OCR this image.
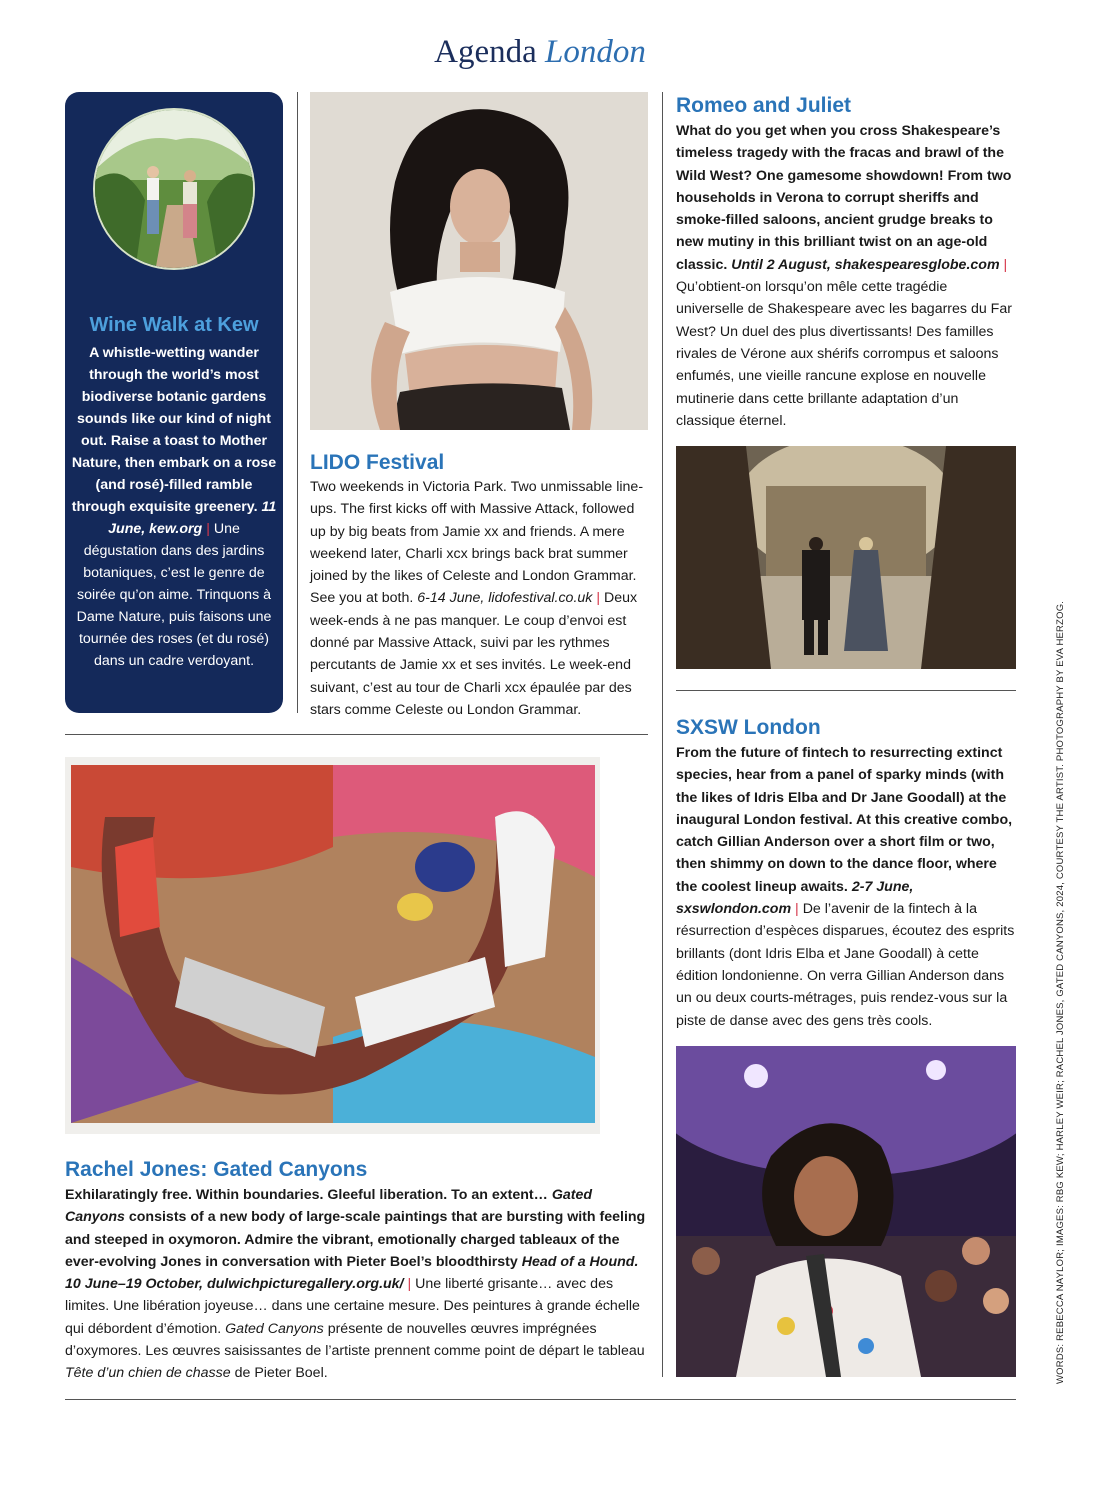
Agenda London
Wine Walk at Kew
A whistle-wetting wander through the world’s most biodiverse botanic gardens sounds like our kind of night out. Raise a toast to Mother Nature, then embark on a rose (and rosé)-filled ramble through exquisite greenery. 11 June, kew.org | Une dégustation dans des jardins botaniques, c’est le genre de soirée qu’on aime. Trinquons à Dame Nature, puis faisons une tournée des roses (et du rosé) dans un cadre verdoyant.
LIDO Festival
Two weekends in Victoria Park. Two unmissable line-ups. The first kicks off with Massive Attack, followed up by big beats from Jamie xx and friends. A mere weekend later, Charli xcx brings back brat summer joined by the likes of Celeste and London Grammar. See you at both. 6-14 June, lidofestival.co.uk | Deux week-ends à ne pas manquer. Le coup d’envoi est donné par Massive Attack, suivi par les rythmes percutants de Jamie xx et ses invités. Le week-end suivant, c’est au tour de Charli xcx épaulée par des stars comme Celeste ou London Grammar.
Romeo and Juliet
What do you get when you cross Shakespeare’s timeless tragedy with the fracas and brawl of the Wild West? One gamesome showdown! From two households in Verona to corrupt sheriffs and smoke-filled saloons, ancient grudge breaks to new mutiny in this brilliant twist on an age-old classic. Until 2 August, shakespearesglobe.com | Qu’obtient-on lorsqu’on mêle cette tragédie universelle de Shakespeare avec les bagarres du Far West? Un duel des plus divertissants! Des familles rivales de Vérone aux shérifs corrompus et saloons enfumés, une vieille rancune explose en nouvelle mutinerie dans cette brillante adaptation d’un classique éternel.
SXSW London
From the future of fintech to resurrecting extinct species, hear from a panel of sparky minds (with the likes of Idris Elba and Dr Jane Goodall) at the inaugural London festival. At this creative combo, catch Gillian Anderson over a short film or two, then shimmy on down to the dance floor, where the coolest lineup awaits. 2-7 June, sxswlondon.com | De l’avenir de la fintech à la résurrection d’espèces disparues, écoutez des esprits brillants (dont Idris Elba et Jane Goodall) à cette édition londonienne. On verra Gillian Anderson dans un ou deux courts-métrages, puis rendez-vous sur la piste de danse avec des gens très cools.
Rachel Jones: Gated Canyons
Exhilaratingly free. Within boundaries. Gleeful liberation. To an extent… Gated Canyons consists of a new body of large-scale paintings that are bursting with feeling and steeped in oxymoron. Admire the vibrant, emotionally charged tableaux of the ever-evolving Jones in conversation with Pieter Boel’s bloodthirsty Head of a Hound. 10 June–19 October, dulwichpicturegallery.org.uk/ | Une liberté grisante… avec des limites. Une libération joyeuse… dans une certaine mesure. Des peintures à grande échelle qui débordent d’émotion. Gated Canyons présente de nouvelles œuvres imprégnées d’oxymores. Les œuvres saisissantes de l’artiste prennent comme point de départ le tableau Tête d’un chien de chasse de Pieter Boel.	WORDS: REBECCA NAYLOR; IMAGES: RBG KEW; HARLEY WEIR; RACHEL JONES, GATED CANYONS, 2024, COURTESY THE ARTIST. PHOTOGRAPHY BY EVA HERZOG.
